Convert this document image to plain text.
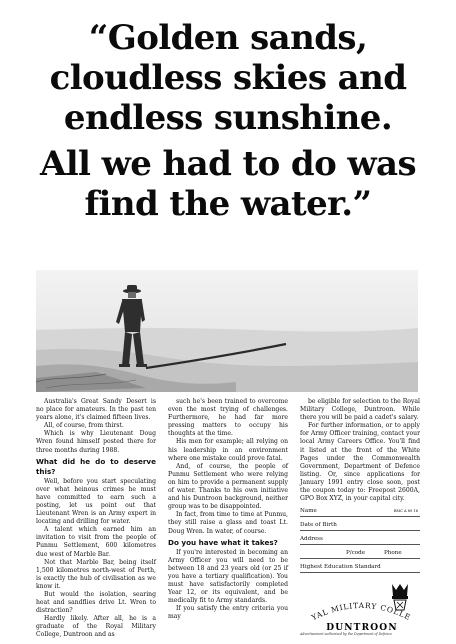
“Golden sands,
cloudless skies and
endless sunshine.
All we had to do was
find the water.”

Australia's Great Sandy Desert is no place for amateurs. In the past ten years alone, it's claimed fifteen lives.

All, of course, from thirst.

Which is why Lieutenant Doug Wren found himself posted there for three months during 1988.

What did he do to deserve this?

Well, before you start speculating over what heinous crimes he must have committed to earn such a posting, let us point out that Lieutenant Wren is an Army expert in locating and drilling for water.

A talent which earned him an invitation to visit from the people of Punmu Settlement, 600 kilometres due west of Marble Bar.

Not that Marble Bar, being itself 1,500 kilometres north-west of Perth, is exactly the hub of civilisation as we know it.

But would the isolation, searing heat and sandflies drive Lt. Wren to distraction?

Hardly likely. After all, he is a graduate of the Royal Military College, Duntroon and as

such he's been trained to overcome even the most trying of challenges. Furthermore, he had far more pressing matters to occupy his thoughts at the time.

His men for example; all relying on his leadership in an environment where one mistake could prove fatal.

And, of course, the people of Punmu Settlement who were relying on him to provide a permanent supply of water. Thanks to his own initiative and his Duntroon background, neither group was to be disappointed.

In fact, from time to time at Punmu, they still raise a glass and toast Lt. Doug Wren. In water, of course.

Do you have what it takes?

If you're interested in becoming an Army Officer you will need to be between 18 and 23 years old (or 25 if you have a tertiary qualification). You must have satisfactorily completed Year 12, or its equivalent, and be medically fit to Army standards.

If you satisfy the entry criteria you may

be eligible for selection to the Royal Military College, Duntroon. While there you will be paid a cadet's salary.

For further information, or to apply for Army Officer training, contact your local Army Careers Office. You'll find it listed at the front of the White Pages under the Commonwealth Government, Department of Defence listing. Or, since applications for January 1991 entry close soon, post the coupon today to: Freepost 2600A, GPO Box XYZ, in your capital city.

Name	RMC A 89 16
Date of Birth
Address
P/code	Phone
Highest Education Standard
YAL MILITARY COLLE
DUNTROON
Advertisement authorised by the Department of Defence
